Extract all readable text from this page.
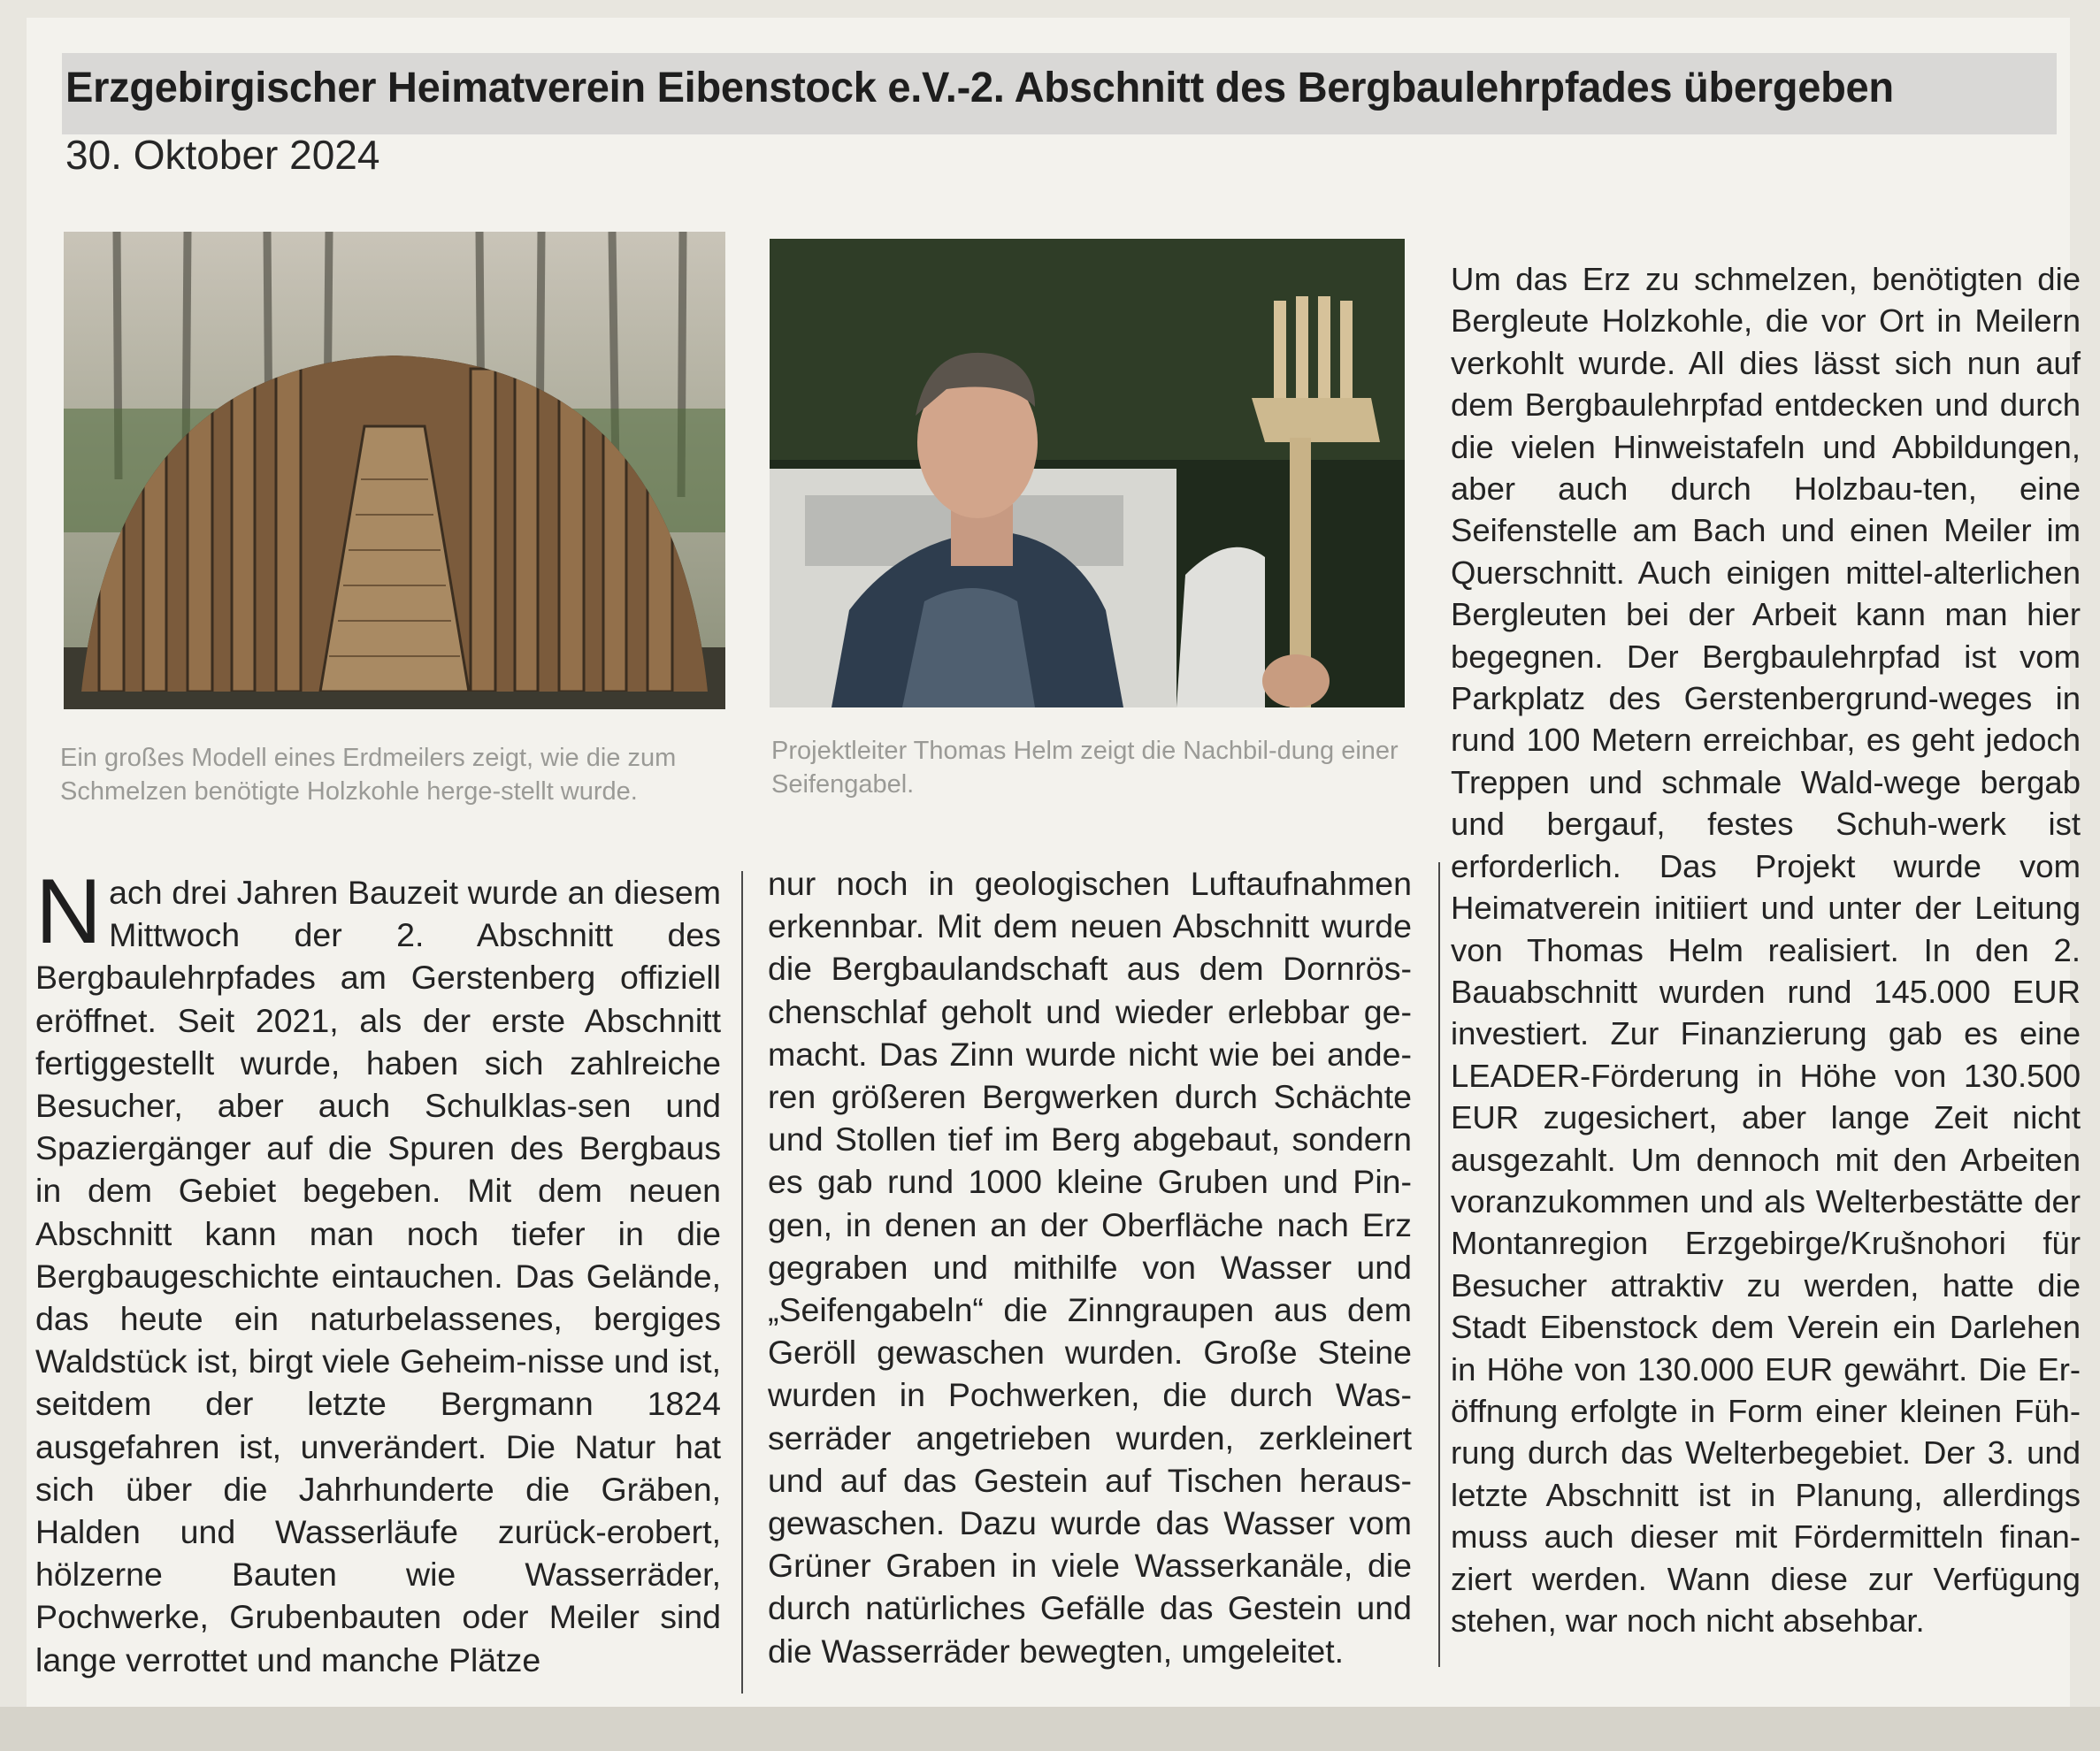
Erzgebirgischer Heimatverein Eibenstock e.V.-2. Abschnitt des Bergbaulehrpfades übergeben

30. Oktober 2024

Ein großes Modell eines Erdmeilers zeigt, wie die zum Schmelzen benötigte Holzkohle herge-stellt wurde.

Projektleiter Thomas Helm zeigt die Nachbil-dung einer Seifengabel.

Nach drei Jahren Bauzeit wurde an diesem Mittwoch der 2. Abschnitt des Bergbaulehrpfades am Gerstenberg offiziell eröffnet. Seit 2021, als der erste Abschnitt fertiggestellt wurde, haben sich zahlreiche Besucher, aber auch Schulklas-sen und Spaziergänger auf die Spuren des Bergbaus in dem Gebiet begeben. Mit dem neuen Abschnitt kann man noch tiefer in die Bergbaugeschichte eintauchen. Das Gelände, das heute ein naturbelassenes, bergiges Waldstück ist, birgt viele Geheim-nisse und ist, seitdem der letzte Bergmann 1824 ausgefahren ist, unverändert. Die Natur hat sich über die Jahrhunderte die Gräben, Halden und Wasserläufe zurück-erobert, hölzerne Bauten wie Wasserräder, Pochwerke, Grubenbauten oder Meiler sind lange verrottet und manche Plätze

nur noch in geologischen Luftaufnahmen erkennbar. Mit dem neuen Abschnitt wurde die Bergbaulandschaft aus dem Dornrös-chenschlaf geholt und wieder erlebbar ge-macht. Das Zinn wurde nicht wie bei ande-ren größeren Bergwerken durch Schächte und Stollen tief im Berg abgebaut, sondern es gab rund 1000 kleine Gruben und Pin-gen, in denen an der Oberfläche nach Erz gegraben und mithilfe von Wasser und „Seifengabeln“ die Zinngraupen aus dem Geröll gewaschen wurden. Große Steine wurden in Pochwerken, die durch Was-serräder angetrieben wurden, zerkleinert und auf das Gestein auf Tischen heraus-gewaschen. Dazu wurde das Wasser vom Grüner Graben in viele Wasserkanäle, die durch natürliches Gefälle das Gestein und die Wasserräder bewegten, umgeleitet.

Um das Erz zu schmelzen, benötigten die Bergleute Holzkohle, die vor Ort in Meilern verkohlt wurde. All dies lässt sich nun auf dem Bergbaulehrpfad entdecken und durch die vielen Hinweistafeln und Abbildungen, aber auch durch Holzbau-ten, eine Seifenstelle am Bach und einen Meiler im Querschnitt. Auch einigen mittel-alterlichen Bergleuten bei der Arbeit kann man hier begegnen. Der Bergbaulehrpfad ist vom Parkplatz des Gerstenbergrund-weges in rund 100 Metern erreichbar, es geht jedoch Treppen und schmale Wald-wege bergab und bergauf, festes Schuh-werk ist erforderlich. Das Projekt wurde vom Heimatverein initiiert und unter der Leitung von Thomas Helm realisiert. In den 2. Bauabschnitt wurden rund 145.000 EUR investiert. Zur Finanzierung gab es eine LEADER-Förderung in Höhe von 130.500 EUR zugesichert, aber lange Zeit nicht ausgezahlt. Um dennoch mit den Arbeiten voranzukommen und als Welterbestätte der Montanregion Erzgebirge/Krušnohori für Besucher attraktiv zu werden, hatte die Stadt Eibenstock dem Verein ein Darlehen in Höhe von 130.000 EUR gewährt. Die Er-öffnung erfolgte in Form einer kleinen Füh-rung durch das Welterbegebiet. Der 3. und letzte Abschnitt ist in Planung, allerdings muss auch dieser mit Fördermitteln finan-ziert werden. Wann diese zur Verfügung stehen, war noch nicht absehbar.
